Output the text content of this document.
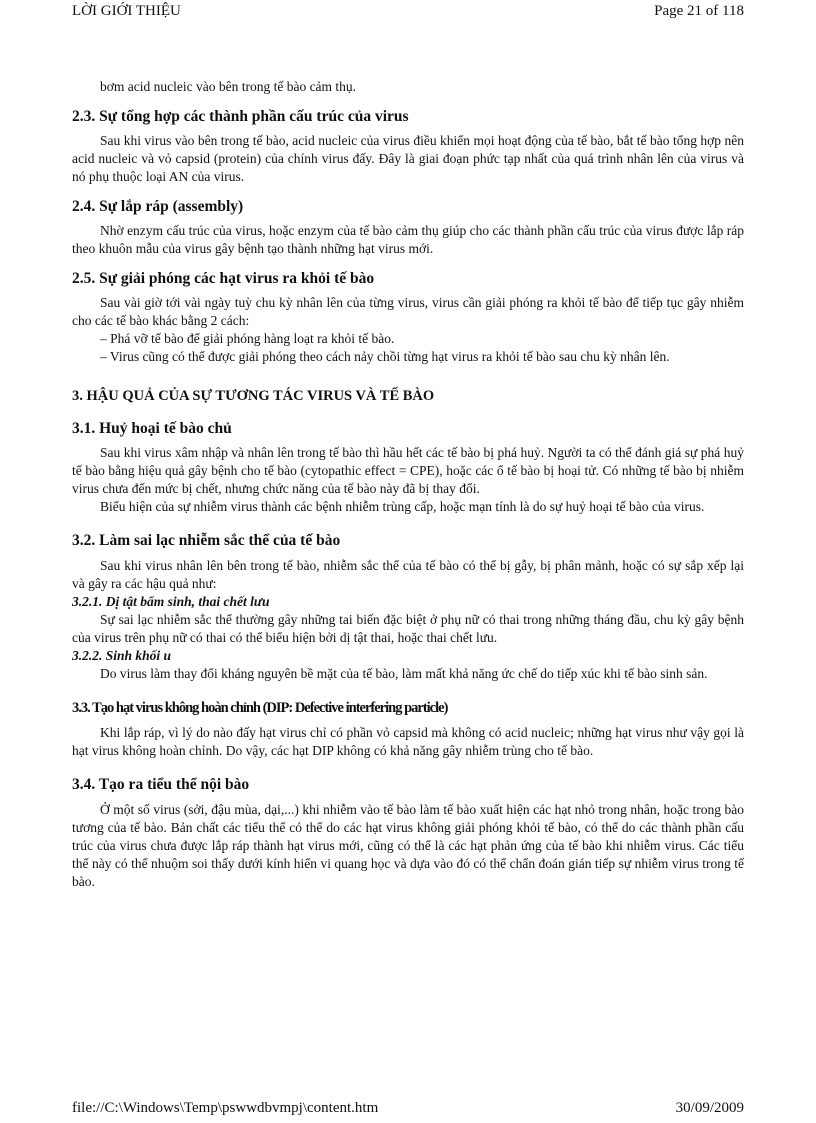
LỜI GIỚI THIỆU	Page 21 of 118

bơm acid nucleic vào bên trong tế bào cảm thụ.

2.3. Sự tổng hợp các thành phần cấu trúc của virus

Sau khi virus vào bên trong tế bào, acid nucleic của virus điều khiển mọi hoạt động của tế bào, bắt tế bào tổng hợp nên acid nucleic và vỏ capsid (protein) của chính virus đấy. Đây là giai đoạn phức tạp nhất của quá trình nhân lên của virus và nó phụ thuộc loại AN của virus.

2.4. Sự lắp ráp (assembly)

Nhờ enzym cấu trúc của virus, hoặc enzym của tế bào cảm thụ giúp cho các thành phần cấu trúc của virus được lắp ráp theo khuôn mẫu của virus gây bệnh tạo thành những hạt virus mới.

2.5. Sự giải phóng các hạt virus ra khỏi tế bào

Sau vài giờ tới vài ngày tuỳ chu kỳ nhân lên của từng virus, virus cần giải phóng ra khỏi tế bào để tiếp tục gây nhiễm cho các tế bào khác bằng 2 cách:

– Phá vỡ tế bào để giải phóng hàng loạt ra khỏi tế bào.

– Virus cũng có thể được giải phóng theo cách nảy chồi từng hạt virus ra khỏi tế bào sau chu kỳ nhân lên.

3. HẬU QUẢ CỦA SỰ TƯƠNG TÁC VIRUS VÀ TẾ BÀO
3.1. Huỷ hoại tế bào chủ

Sau khi virus xâm nhập và nhân lên trong tế bào thì hầu hết các tế bào bị phá huỷ. Người ta có thể đánh giá sự phá huỷ tế bào bằng hiệu quả gây bệnh cho tế bào (cytopathic effect = CPE), hoặc các ổ tế bào bị hoại tử. Có những tế bào bị nhiễm virus chưa đến mức bị chết, nhưng chức năng của tế bào này đã bị thay đổi.

Biểu hiện của sự nhiễm virus thành các bệnh nhiễm trùng cấp, hoặc mạn tính là do sự huỷ hoại tế bào của virus.

3.2. Làm sai lạc nhiễm sắc thể của tế bào

Sau khi virus nhân lên bên trong tế bào, nhiễm sắc thể của tế bào có thể bị gẫy, bị phân mảnh, hoặc có sự sắp xếp lại và gây ra các hậu quả như:

3.2.1. Dị tật bẩm sinh, thai chết lưu

Sự sai lạc nhiễm sắc thể thường gây những tai biến đặc biệt ở phụ nữ có thai trong những tháng đầu, chu kỳ gây bệnh của virus trên phụ nữ có thai có thể biểu hiện bởi dị tật thai, hoặc thai chết lưu.

3.2.2. Sinh khối u

Do virus làm thay đổi kháng nguyên bề mặt của tế bào, làm mất khả năng ức chế do tiếp xúc khi tế bào sinh sản.

3.3. Tạo hạt virus không hoàn chỉnh (DIP: Defective interfering particle)

Khi lắp ráp, vì lý do nào đấy hạt virus chỉ có phần vỏ capsid mà không có acid nucleic; những hạt virus như vậy gọi là hạt virus không hoàn chỉnh. Do vậy, các hạt DIP không có khả năng gây nhiễm trùng cho tế bào.

3.4. Tạo ra tiểu thể nội bào

Ở một số virus (sởi, đậu mùa, dại,...) khi nhiễm vào tế bào làm tế bào xuất hiện các hạt nhỏ trong nhân, hoặc trong bào tương của tế bào. Bản chất các tiểu thể có thể do các hạt virus không giải phóng khỏi tế bào, có thể do các thành phần cấu trúc của virus chưa được lắp ráp thành hạt virus mới, cũng có thể là các hạt phản ứng của tế bào khi nhiễm virus. Các tiểu thể này có thể nhuộm soi thấy dưới kính hiển vi quang học và dựa vào đó có thể chẩn đoán gián tiếp sự nhiễm virus trong tế bào.

file://C:\Windows\Temp\pswwdbvmpj\content.htm	30/09/2009
